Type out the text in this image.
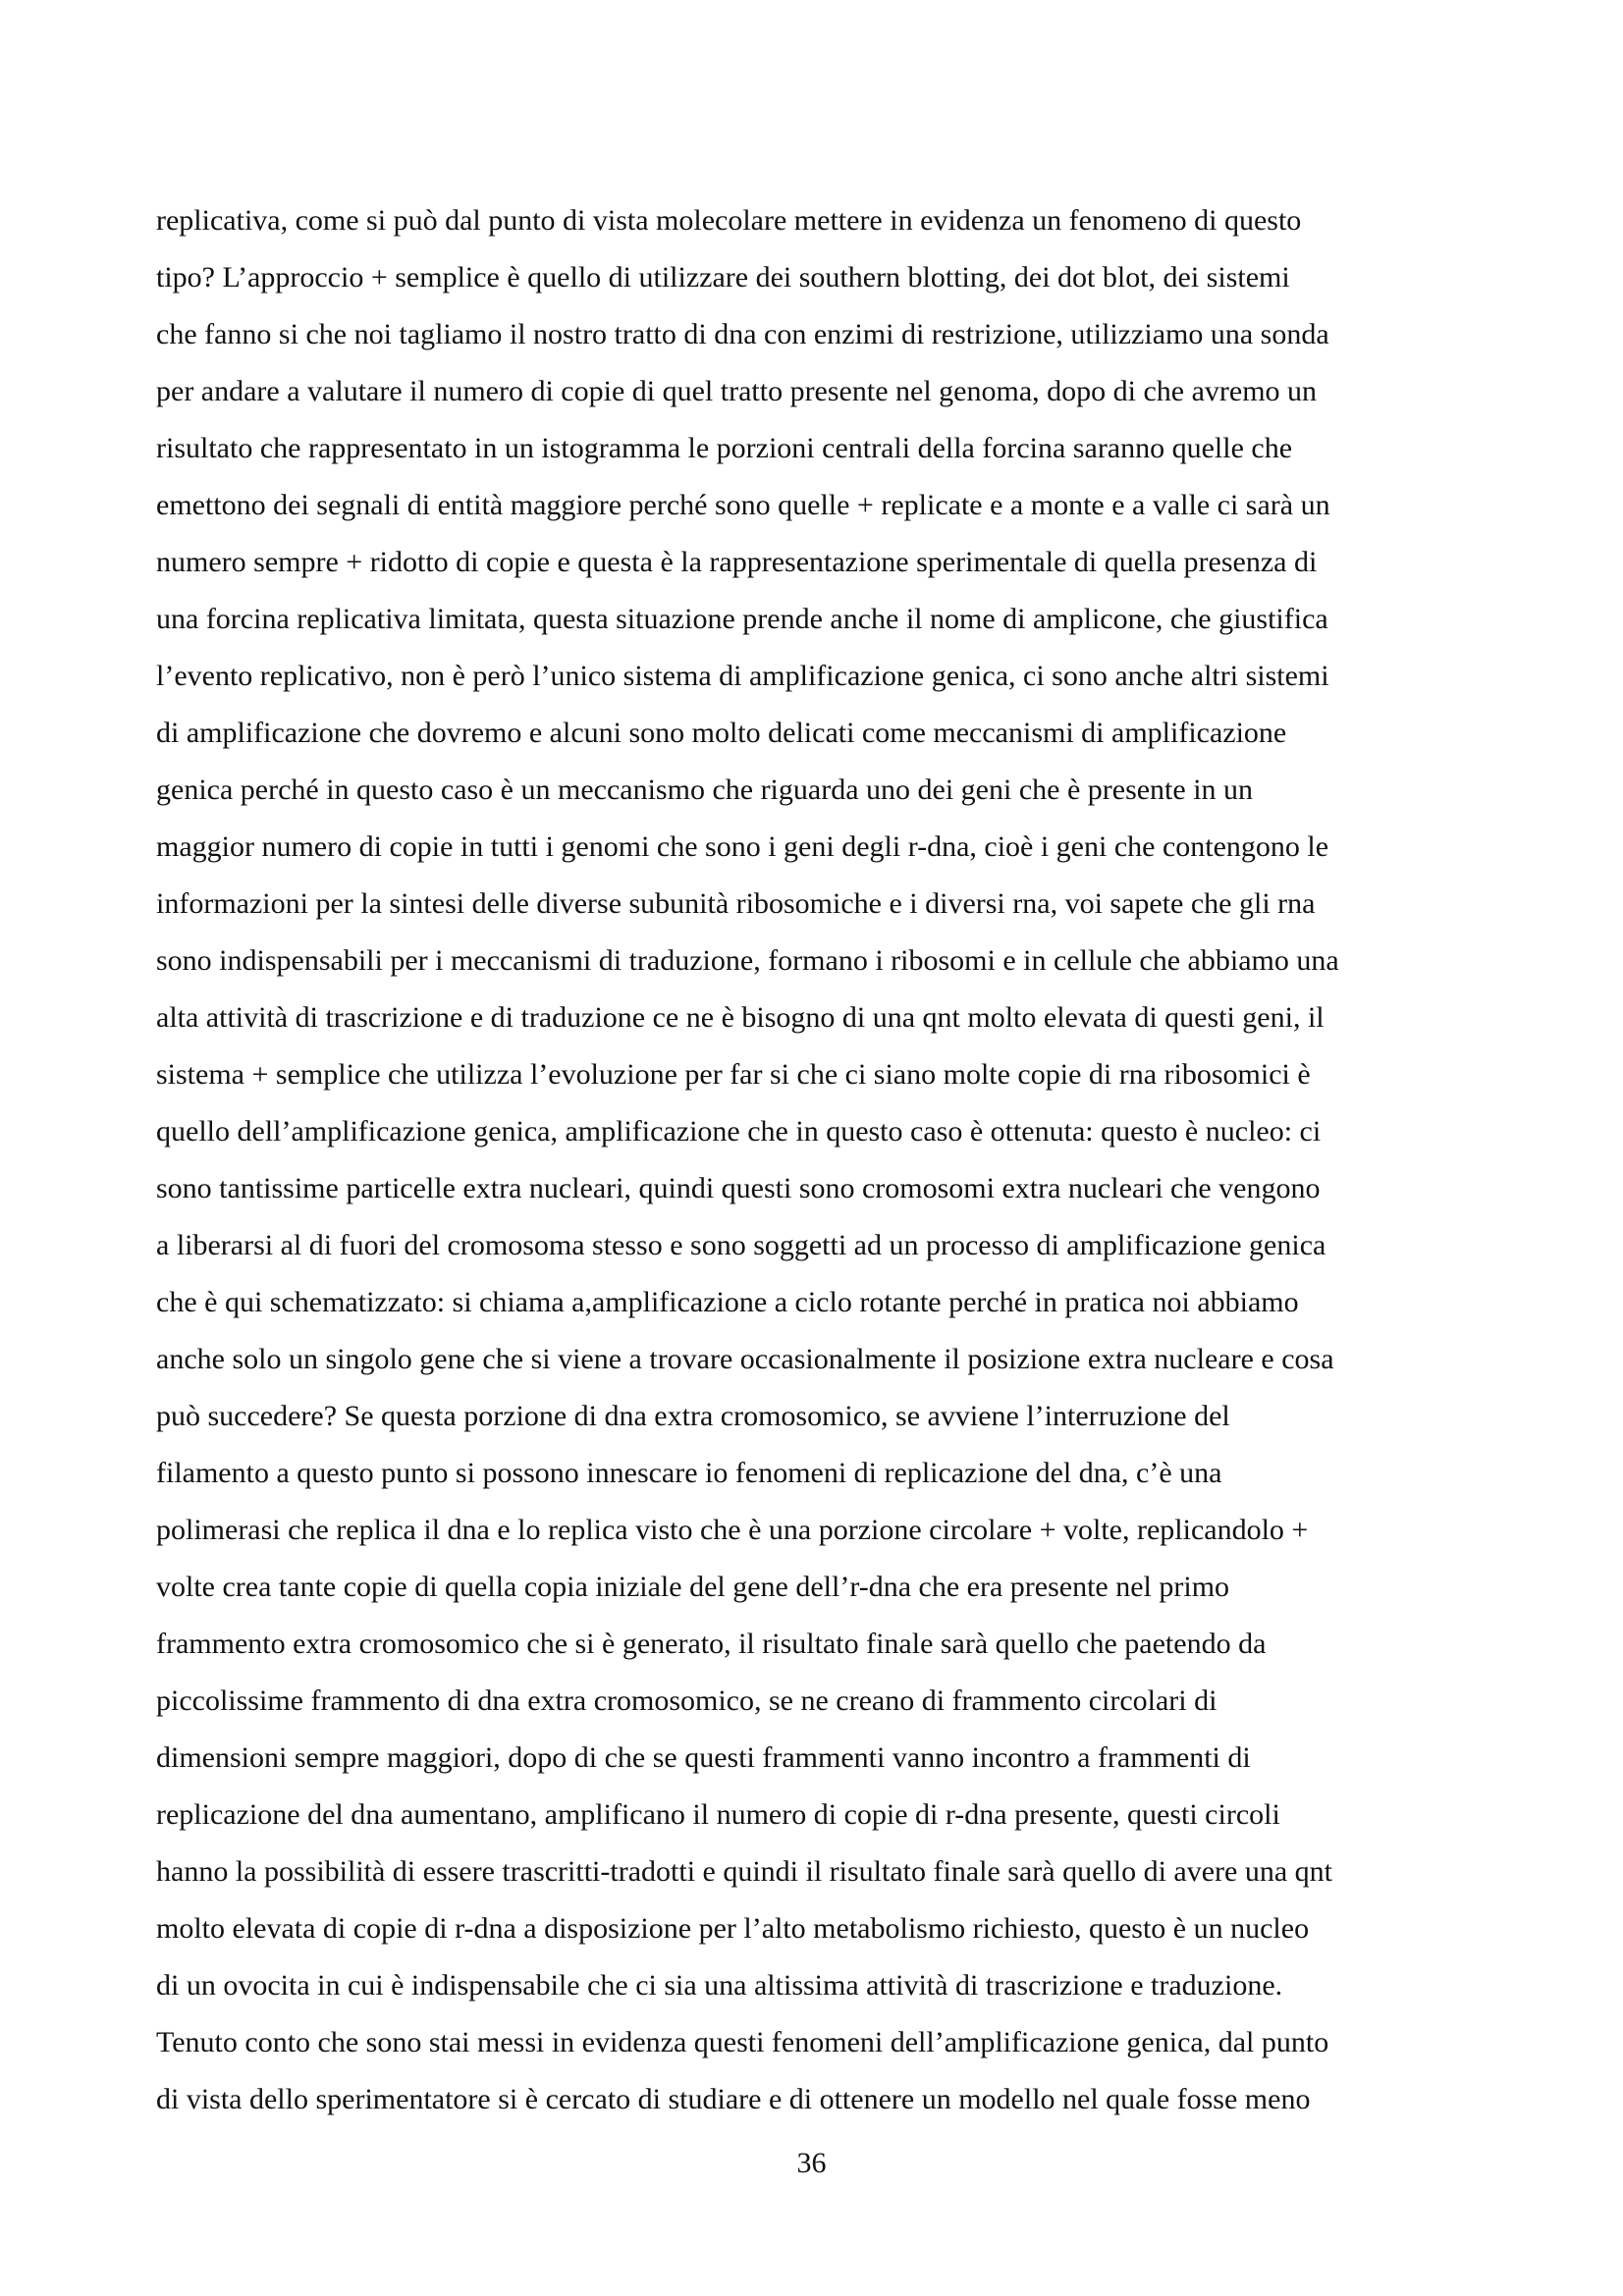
replicativa, come si può dal punto di vista molecolare mettere in evidenza un fenomeno di questo
tipo? L’approccio + semplice è quello di utilizzare dei southern blotting, dei dot blot, dei sistemi
che fanno si che noi tagliamo il nostro tratto di dna con enzimi di restrizione, utilizziamo una sonda
per andare a valutare il numero di copie di quel tratto presente nel genoma, dopo di che avremo un
risultato che rappresentato in un istogramma le porzioni centrali della forcina saranno quelle che
emettono dei segnali di entità maggiore perché sono quelle + replicate e a monte e a valle ci sarà un
numero sempre + ridotto di copie e questa è la rappresentazione sperimentale di quella presenza di
una forcina replicativa limitata, questa situazione prende anche il nome di amplicone, che giustifica
l’evento replicativo, non è però l’unico sistema di amplificazione genica, ci sono anche altri sistemi
di amplificazione che dovremo e alcuni sono molto delicati come meccanismi di amplificazione
genica perché in questo caso è un meccanismo che riguarda uno dei geni che è presente in un
maggior numero di copie in tutti i genomi che sono i geni degli r-dna, cioè i geni che contengono le
informazioni per la sintesi delle diverse subunità ribosomiche e i diversi rna, voi sapete che gli rna
sono indispensabili per i meccanismi di traduzione, formano i ribosomi e in cellule che abbiamo una
alta attività di trascrizione e di traduzione ce ne è bisogno di una qnt molto elevata di questi geni, il
sistema + semplice che utilizza l’evoluzione per far si che ci siano molte copie di rna ribosomici è
quello dell’amplificazione genica, amplificazione che in questo caso è ottenuta: questo è nucleo: ci
sono tantissime particelle extra nucleari, quindi questi sono cromosomi extra nucleari che vengono
a liberarsi al di fuori del cromosoma stesso e sono soggetti ad un processo di amplificazione genica
che è qui schematizzato: si chiama a,amplificazione a ciclo rotante perché in pratica noi abbiamo
anche solo un singolo gene che si viene a trovare occasionalmente il posizione extra nucleare e cosa
può succedere? Se questa porzione di dna extra cromosomico, se avviene l’interruzione del
filamento a questo punto si possono innescare io fenomeni di replicazione del dna, c’è una
polimerasi che replica il dna e lo replica visto che è una porzione circolare + volte, replicandolo +
volte crea tante copie di quella copia iniziale del gene dell’r-dna che era presente nel primo
frammento extra cromosomico che si è generato, il risultato finale sarà quello che paetendo da
piccolissime frammento di dna extra cromosomico, se ne creano di frammento circolari di
dimensioni sempre maggiori, dopo di che se questi frammenti vanno incontro a frammenti di
replicazione del dna aumentano, amplificano il numero di copie di r-dna presente, questi circoli
hanno la possibilità di essere trascritti-tradotti e quindi il risultato finale sarà quello di avere una qnt
molto elevata di copie di r-dna a disposizione per l’alto metabolismo richiesto, questo è un nucleo
di un ovocita in cui è indispensabile che ci sia una altissima attività di trascrizione e traduzione.
Tenuto conto che sono stai messi in evidenza questi fenomeni dell’amplificazione genica, dal punto
di vista dello sperimentatore si è cercato di studiare e di ottenere un modello nel quale fosse meno
36
